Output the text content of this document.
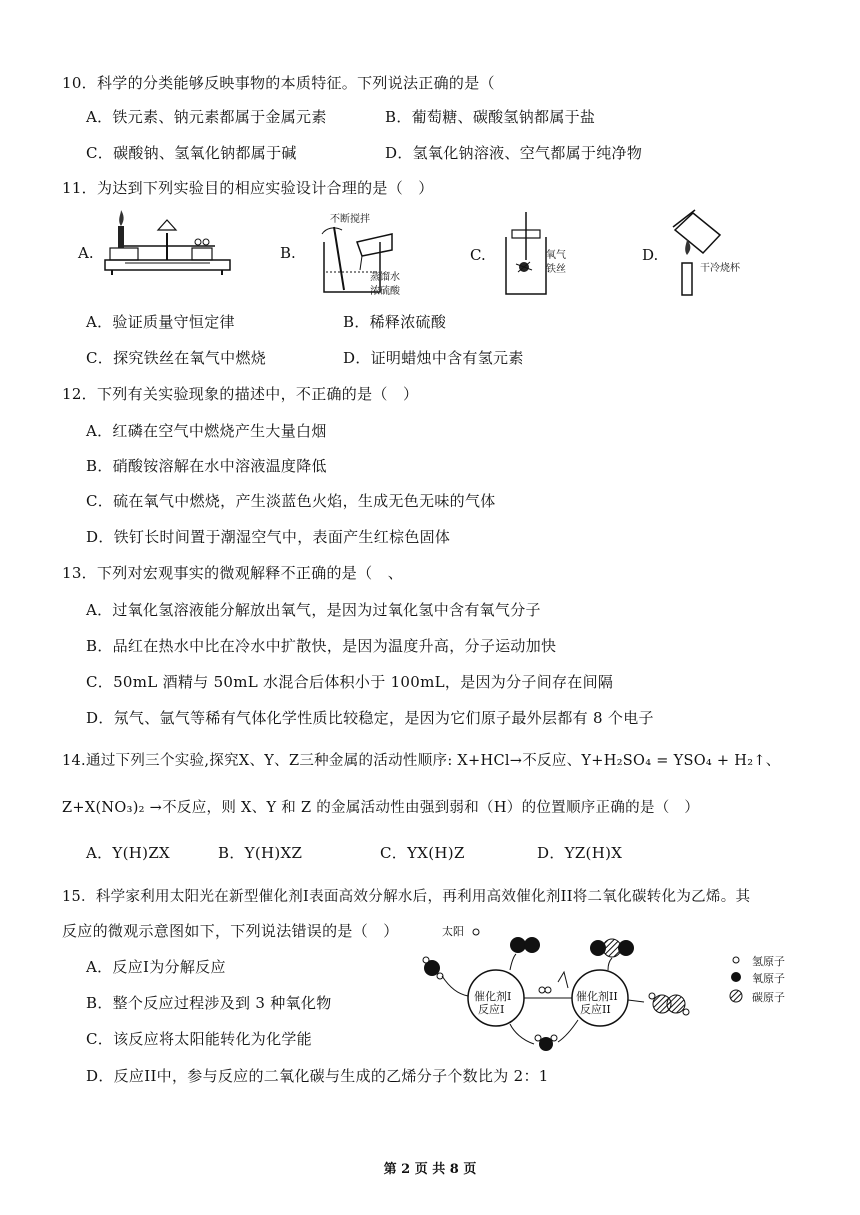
10．科学的分类能够反映事物的本质特征。下列说法正确的是（
A．铁元素、钠元素都属于金属元素	B．葡萄糖、碳酸氢钠都属于盐
C．碳酸钠、氢氧化钠都属于碱	D．氢氧化钠溶液、空气都属于纯净物
11．为达到下列实验目的相应实验设计合理的是（　）
A.	B.
不断搅拌
蒸馏水
浓硫酸
C.	氧气
铁丝
D.
干冷烧杯
A．验证质量守恒定律	B．稀释浓硫酸
C．探究铁丝在氧气中燃烧	D．证明蜡烛中含有氢元素
12．下列有关实验现象的描述中，不正确的是（　）
A．红磷在空气中燃烧产生大量白烟
B．硝酸铵溶解在水中溶液温度降低
C．硫在氧气中燃烧，产生淡蓝色火焰，生成无色无味的气体
D．铁钉长时间置于潮湿空气中，表面产生红棕色固体
13．下列对宏观事实的微观解释不正确的是（　、
A．过氧化氢溶液能分解放出氧气，是因为过氧化氢中含有氧气分子
B．品红在热水中比在冷水中扩散快，是因为温度升高，分子运动加快
C．50mL 酒精与 50mL 水混合后体积小于 100mL，是因为分子间存在间隔
D．氖气、氩气等稀有气体化学性质比较稳定，是因为它们原子最外层都有 8 个电子
14.通过下列三个实验,探究X、Y、Z三种金属的活动性顺序: X+HCl→不反应、Y+H₂SO₄ = YSO₄ + H₂↑、
Z+X(NO₃)₂ →不反应，则 X、Y 和 Z 的金属活动性由强到弱和（H）的位置顺序正确的是（　）
A．Y(H)ZX	B．Y(H)XZ	C．YX(H)Z	D．YZ(H)X
15．科学家利用太阳光在新型催化剂I表面高效分解水后，再利用高效催化剂II将二氧化碳转化为乙烯。其
反应的微观示意图如下，下列说法错误的是（　）
A．反应I为分解反应
B．整个反应过程涉及到 3 种氧化物
C．该反应将太阳能转化为化学能
D．反应II中，参与反应的二氧化碳与生成的乙烯分子个数比为 2：1
太阳
催化剂I
反应I
催化剂II
反应II
氢原子
氧原子
碳原子
第 2 页 共 8 页
